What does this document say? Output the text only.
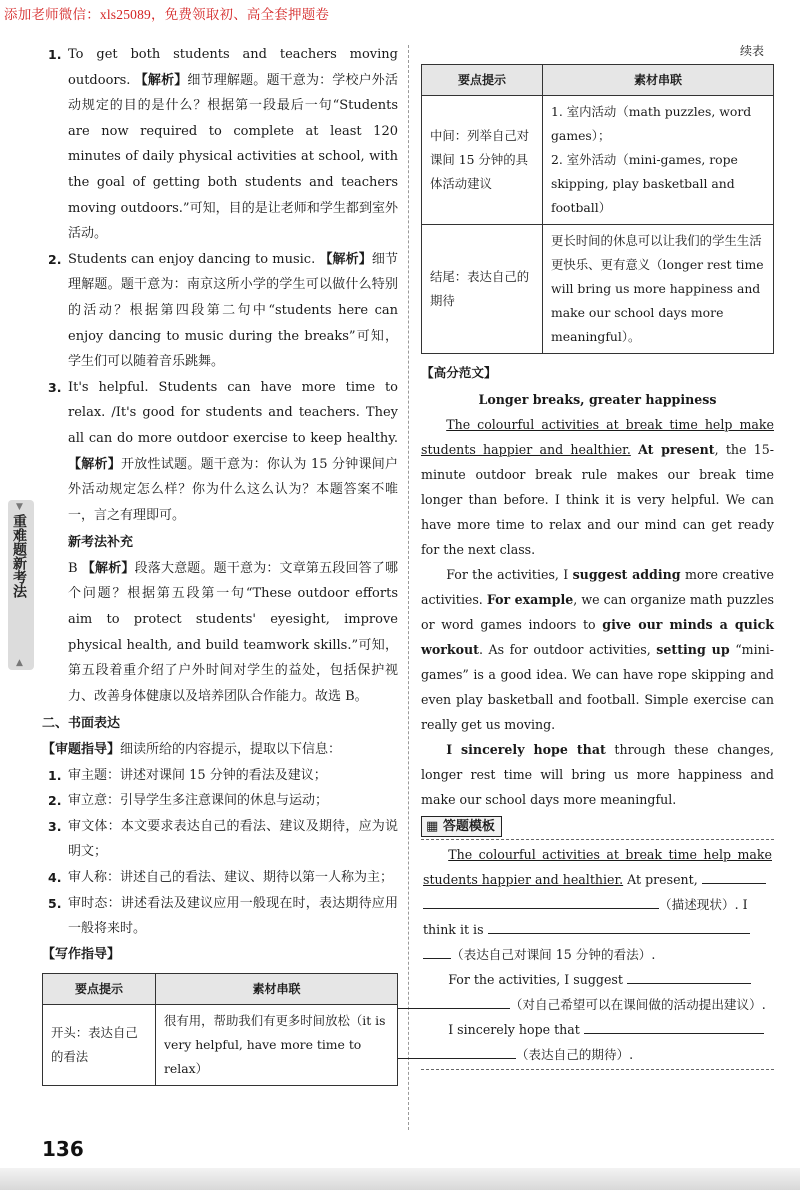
添加老师微信：xls25089，免费领取初、高全套押题卷
▼
重难题新考法
▲

1. To get both students and teachers moving outdoors. 【解析】细节理解题。题干意为：学校户外活动规定的目的是什么？根据第一段最后一句“Students are now required to complete at least 120 minutes of daily physical activities at school, with the goal of getting both students and teachers moving outdoors.”可知，目的是让老师和学生都到室外活动。

2. Students can enjoy dancing to music. 【解析】细节理解题。题干意为：南京这所小学的学生可以做什么特别的活动？根据第四段第二句中“students here can enjoy dancing to music during the breaks”可知，学生们可以随着音乐跳舞。

3. It's helpful. Students can have more time to relax. /It's good for students and teachers. They all can do more outdoor exercise to keep healthy. 【解析】开放性试题。题干意为：你认为 15 分钟课间户外活动规定怎么样？你为什么这么认为？本题答案不唯一，言之有理即可。

新考法补充

B 【解析】段落大意题。题干意为：文章第五段回答了哪个问题？根据第五段第一句“These outdoor efforts aim to protect students' eyesight, improve physical health, and build teamwork skills.”可知，第五段着重介绍了户外时间对学生的益处，包括保护视力、改善身体健康以及培养团队合作能力。故选 B。

二、书面表达

【审题指导】细读所给的内容提示，提取以下信息：

1. 审主题：讲述对课间 15 分钟的看法及建议；

2. 审立意：引导学生多注意课间的休息与运动；

3. 审文体：本文要求表达自己的看法、建议及期待，应为说明文；

4. 审人称：讲述自己的看法、建议、期待以第一人称为主；

5. 审时态：讲述看法及建议应用一般现在时，表达期待应用一般将来时。

【写作指导】

要点提示	素材串联
开头：表达自己的看法	很有用，帮助我们有更多时间放松（it is very helpful, have more time to relax）

续表

要点提示	素材串联
中间：列举自己对课间 15 分钟的具体活动建议	1. 室内活动（math puzzles, word games）；
2. 室外活动（mini-games, rope skipping, play basketball and football）
结尾：表达自己的期待	更长时间的休息可以让我们的学生生活更快乐、更有意义（longer rest time will bring us more happiness and make our school days more meaningful）。

【高分范文】

Longer breaks, greater happiness

The colourful activities at break time help make students happier and healthier. At present, the 15-minute outdoor break rule makes our break time longer than before. I think it is very helpful. We can have more time to relax and our mind can get ready for the next class.

For the activities, I suggest adding more creative activities. For example, we can organize math puzzles or word games indoors to give our minds a quick workout. As for outdoor activities, setting up “mini-games” is a good idea. We can have rope skipping and even play basketball and football. Simple exercise can really get us moving.

I sincerely hope that through these changes, longer rest time will bring us more happiness and make our school days more meaningful.

▦ 答题模板

The colourful activities at break time help make students happier and healthier. At present,
（描述现状）. I

think it is
（表达自己对课间 15 分钟的看法）.

For the activities, I suggest
（对自己希望可以在课间做的活动提出建议）.

I sincerely hope that
（表达自己的期待）.

136
